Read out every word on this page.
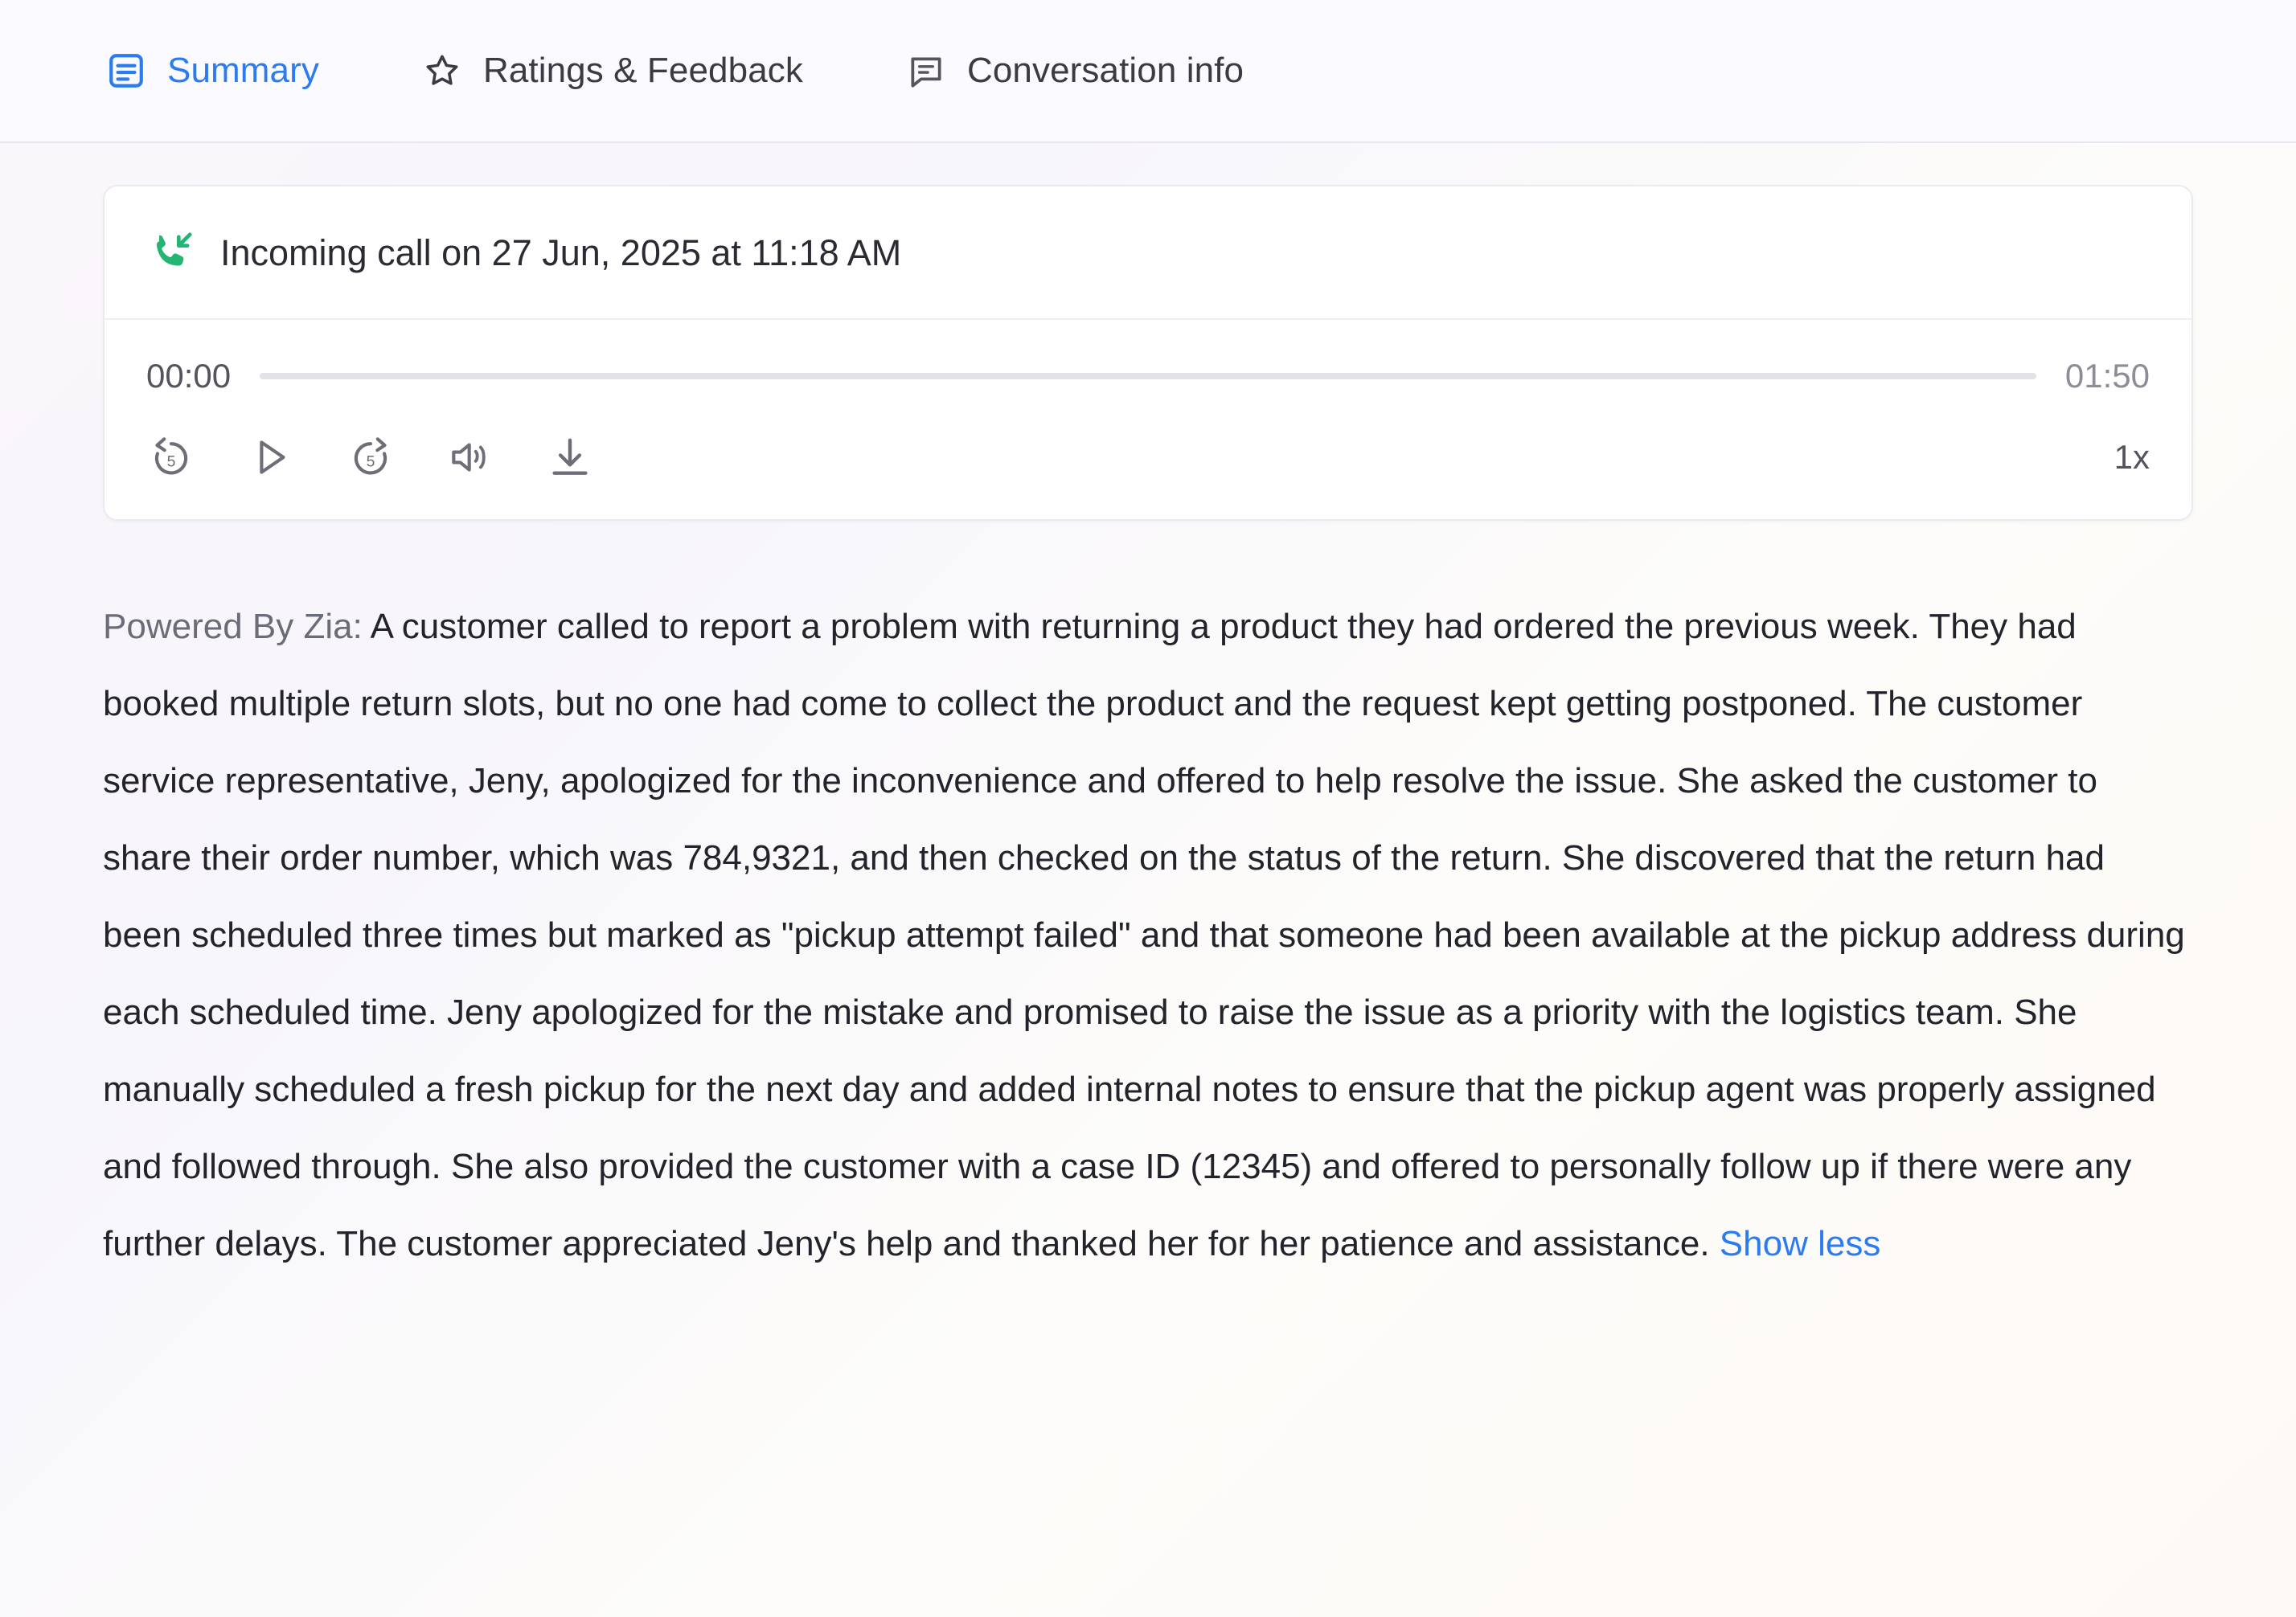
Summary	Ratings & Feedback	Conversation info
Incoming call on 27 Jun, 2025 at 11:18 AM
00:00	01:50
5	5	1x
Powered By Zia: A customer called to report a problem with returning a product they had ordered the previous week. They had booked multiple return slots, but no one had come to collect the product and the request kept getting postponed. The customer service representative, Jeny, apologized for the inconvenience and offered to help resolve the issue. She asked the customer to share their order number, which was 784,9321, and then checked on the status of the return. She discovered that the return had been scheduled three times but marked as "pickup attempt failed" and that someone had been available at the pickup address during each scheduled time. Jeny apologized for the mistake and promised to raise the issue as a priority with the logistics team. She manually scheduled a fresh pickup for the next day and added internal notes to ensure that the pickup agent was properly assigned and followed through. She also provided the customer with a case ID (12345) and offered to personally follow up if there were any further delays. The customer appreciated Jeny's help and thanked her for her patience and assistance. Show less
